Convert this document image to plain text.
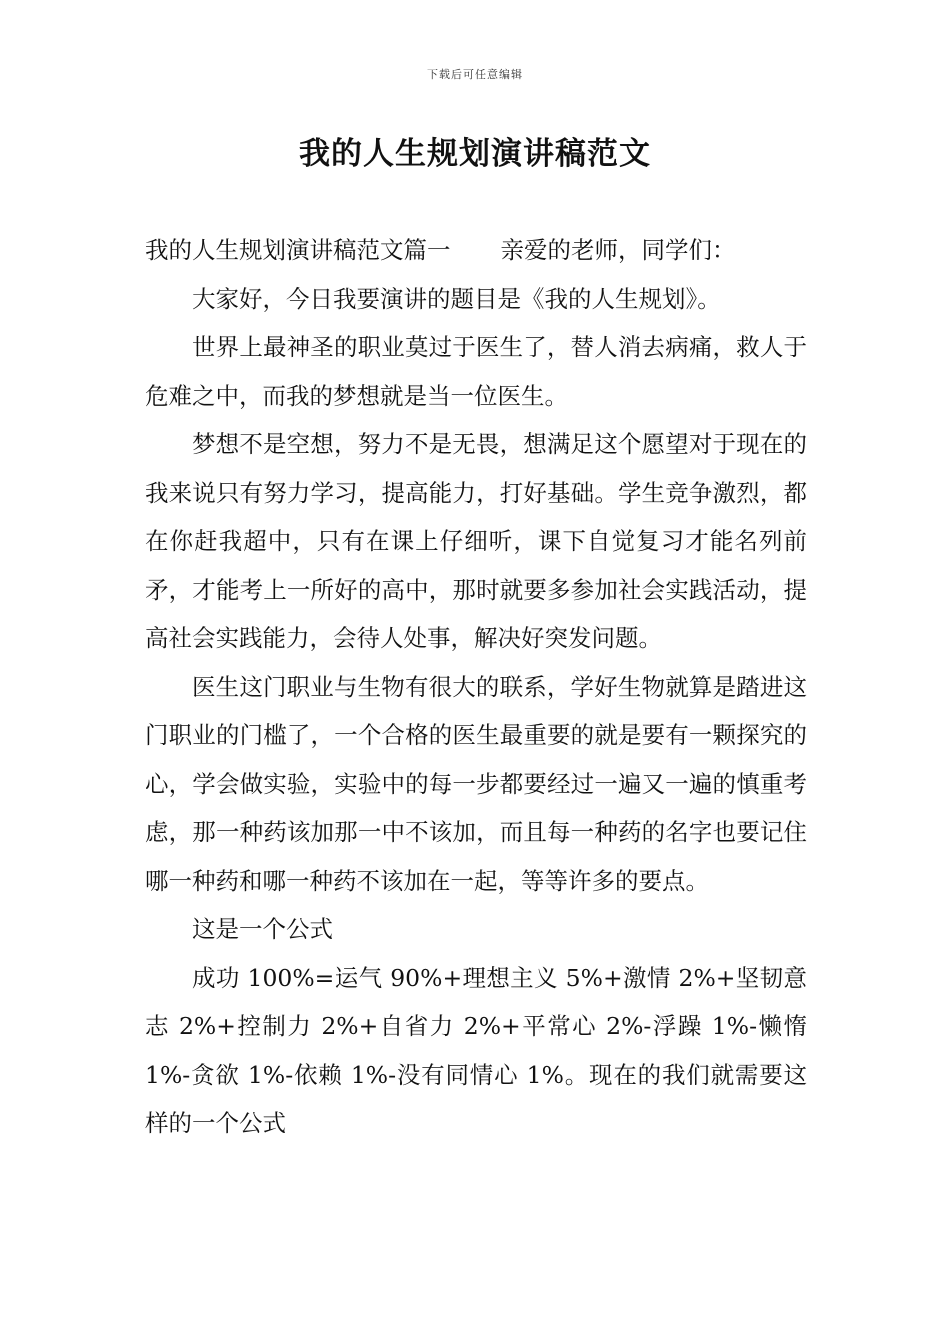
下载后可任意编辑
我的人生规划演讲稿范文

我的人生规划演讲稿范文篇一 亲爱的老师，同学们：

大家好，今日我要演讲的题目是《我的人生规划》。

世界上最神圣的职业莫过于医生了，替人消去病痛，救人于危难之中，而我的梦想就是当一位医生。

梦想不是空想，努力不是无畏，想满足这个愿望对于现在的我来说只有努力学习，提高能力，打好基础。学生竞争激烈，都在你赶我超中，只有在课上仔细听，课下自觉复习才能名列前矛，才能考上一所好的高中，那时就要多参加社会实践活动，提高社会实践能力，会待人处事，解决好突发问题。

医生这门职业与生物有很大的联系，学好生物就算是踏进这门职业的门槛了，一个合格的医生最重要的就是要有一颗探究的心，学会做实验，实验中的每一步都要经过一遍又一遍的慎重考虑，那一种药该加那一中不该加，而且每一种药的名字也要记住哪一种药和哪一种药不该加在一起，等等许多的要点。

这是一个公式

成功 100%=运气 90%+理想主义 5%+激情 2%+坚韧意志 2%+控制力 2%+自省力 2%+平常心 2%-浮躁 1%-懒惰 1%-贪欲 1%-依赖 1%-没有同情心 1%。现在的我们就需要这样的一个公式
